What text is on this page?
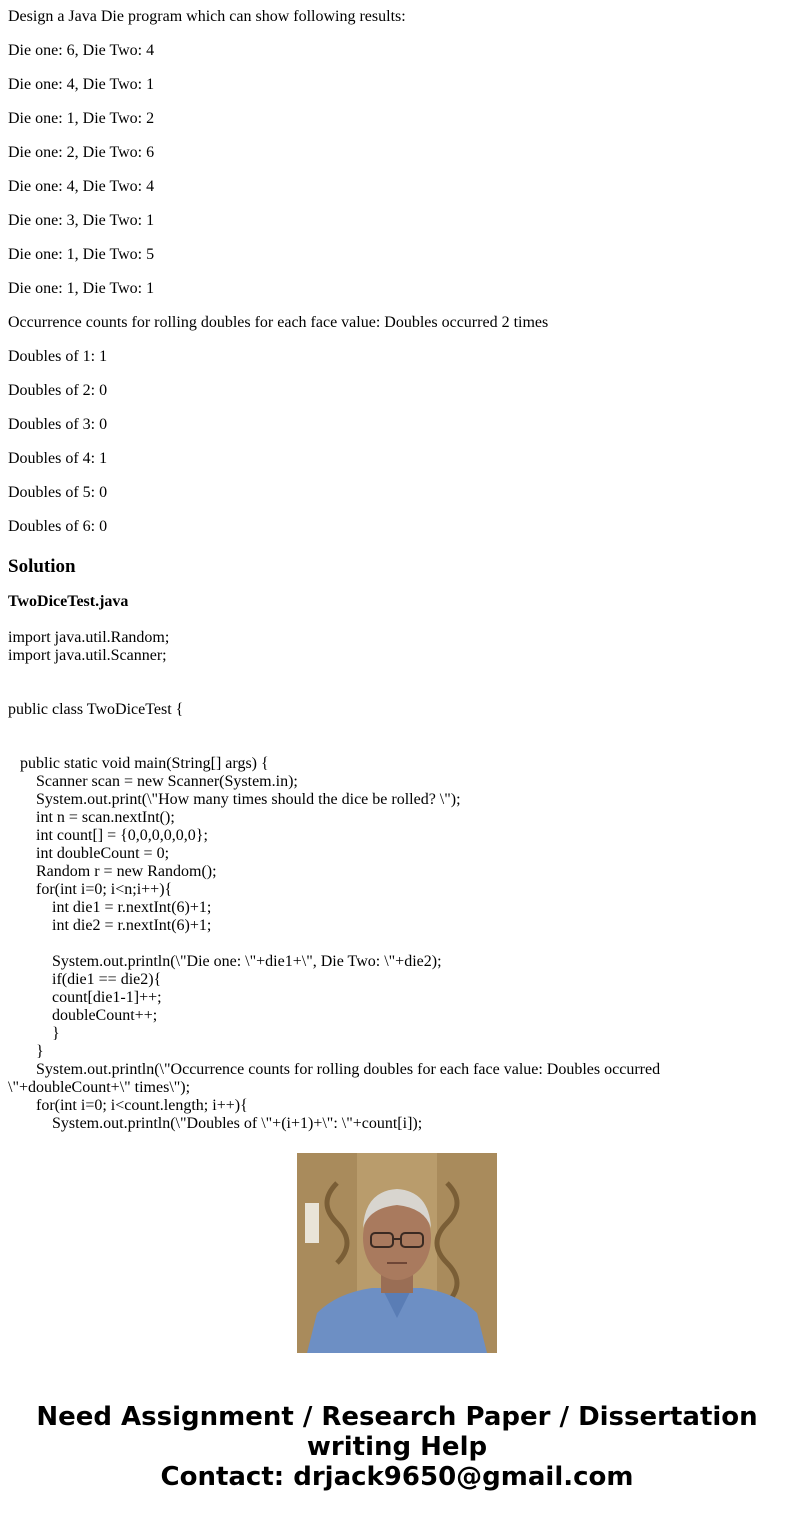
Design a Java Die program which can show following results:
Die one: 6, Die Two: 4
Die one: 4, Die Two: 1
Die one: 1, Die Two: 2
Die one: 2, Die Two: 6
Die one: 4, Die Two: 4
Die one: 3, Die Two: 1
Die one: 1, Die Two: 5
Die one: 1, Die Two: 1
Occurrence counts for rolling doubles for each face value: Doubles occurred 2 times
Doubles of 1: 1
Doubles of 2: 0
Doubles of 3: 0
Doubles of 4: 1
Doubles of 5: 0
Doubles of 6: 0
Solution
TwoDiceTest.java
import java.util.Random;
import java.util.Scanner;
public class TwoDiceTest {
public static void main(String[] args) {
Scanner scan = new Scanner(System.in);
System.out.print(\"How many times should the dice be rolled? \");
int n = scan.nextInt();
int count[] = {0,0,0,0,0,0};
int doubleCount = 0;
Random r = new Random();
for(int i=0; i<n;i++){
int die1 = r.nextInt(6)+1;
int die2 = r.nextInt(6)+1;
System.out.println(\"Die one: \"+die1+\", Die Two: \"+die2);
if(die1 == die2){
count[die1-1]++;
doubleCount++;
}
}
System.out.println(\"Occurrence counts for rolling doubles for each face value: Doubles occurred
\"+doubleCount+\" times\");
for(int i=0; i<count.length; i++){
System.out.println(\"Doubles of \"+(i+1)+\": \"+count[i]);
Need Assignment / Research Paper / Dissertation
writing Help
Contact: drjack9650@gmail.com
